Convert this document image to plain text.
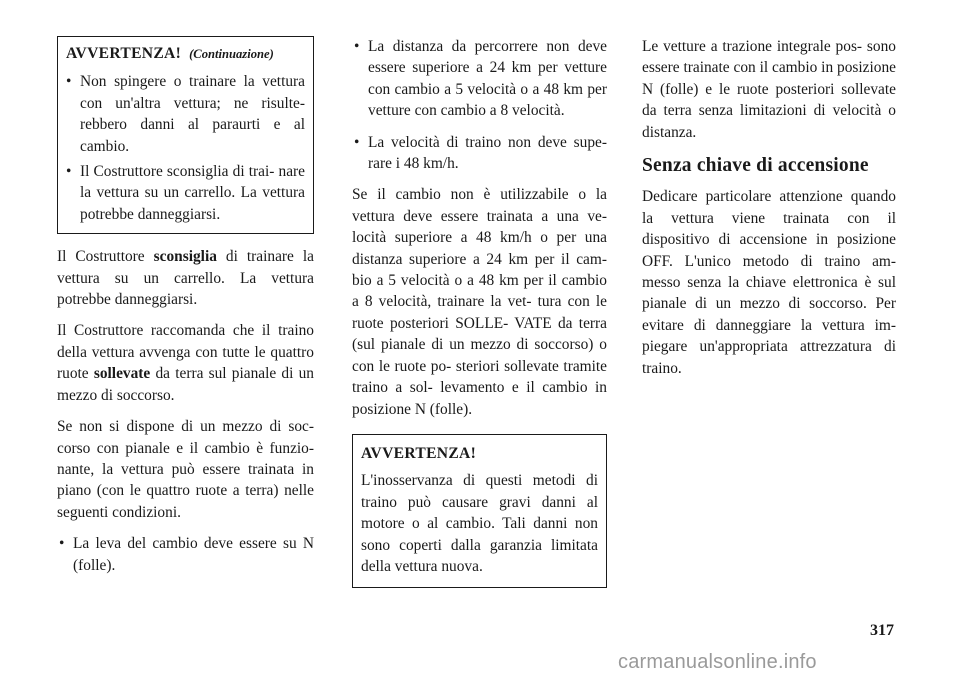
AVVERTENZA! (Continuazione)
• Non spingere o trainare la vettura con un'altra vettura; ne risulte- rebbero danni al paraurti e al cambio.
• Il Costruttore sconsiglia di trai- nare la vettura su un carrello. La vettura potrebbe danneggiarsi.

Il Costruttore sconsiglia di trainare la vettura su un carrello. La vettura potrebbe danneggiarsi.

Il Costruttore raccomanda che il traino della vettura avvenga con tutte le quattro ruote sollevate da terra sul pianale di un mezzo di soccorso.

Se non si dispone di un mezzo di soc- corso con pianale e il cambio è funzio- nante, la vettura può essere trainata in piano (con le quattro ruote a terra) nelle seguenti condizioni.

• La leva del cambio deve essere su N (folle).
• La distanza da percorrere non deve essere superiore a 24 km per vetture con cambio a 5 velocità o a 48 km per vetture con cambio a 8 velocità.
• La velocità di traino non deve supe- rare i 48 km/h.

Se il cambio non è utilizzabile o la vettura deve essere trainata a una ve- locità superiore a 48 km/h o per una distanza superiore a 24 km per il cam- bio a 5 velocità o a 48 km per il cambio a 8 velocità, trainare la vet- tura con le ruote posteriori SOLLE- VATE da terra (sul pianale di un mezzo di soccorso) o con le ruote po- steriori sollevate tramite traino a sol- levamento e il cambio in posizione N (folle).

AVVERTENZA!
L'inosservanza di questi metodi di traino può causare gravi danni al motore o al cambio. Tali danni non sono coperti dalla garanzia limitata della vettura nuova.

Le vetture a trazione integrale pos- sono essere trainate con il cambio in posizione N (folle) e le ruote posteriori sollevate da terra senza limitazioni di velocità o distanza.

Senza chiave di accensione

Dedicare particolare attenzione quando la vettura viene trainata con il dispositivo di accensione in posizione OFF. L'unico metodo di traino am- messo senza la chiave elettronica è sul pianale di un mezzo di soccorso. Per evitare di danneggiare la vettura im- piegare un'appropriata attrezzatura di traino.

317
carmanualsonline.info
